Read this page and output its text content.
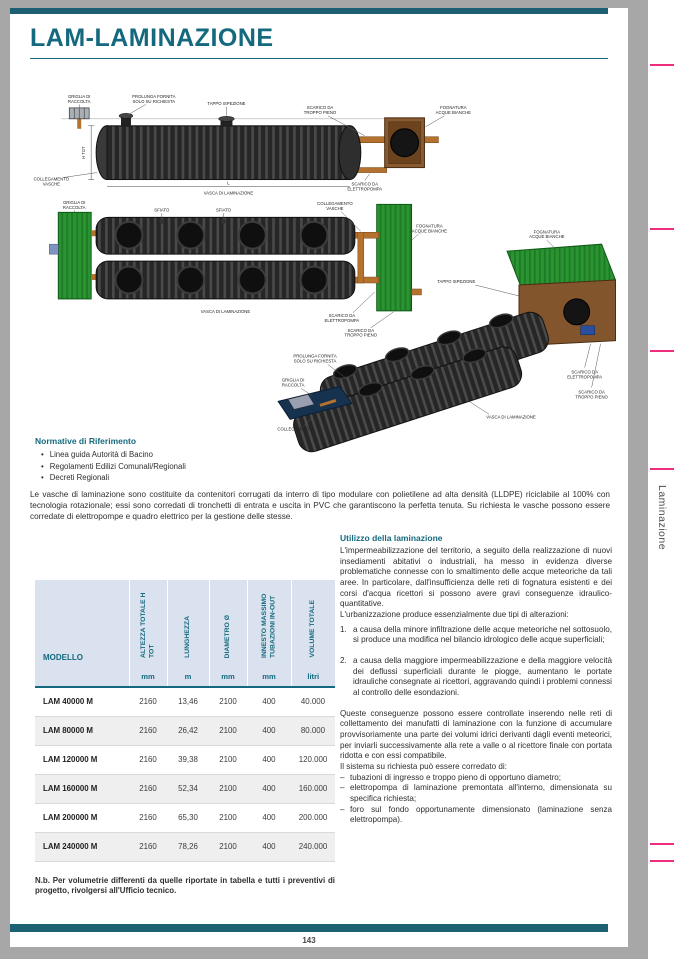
LAM-LAMINAZIONE
H TOT
L
GRIGLIA DI
RACCOLTA
PROLUNGA FORNITA
SOLO SU RICHIESTA	TAPPO ISPEZIONE
SCARICO DA
TROPPO PIENO
FOGNATURA
ACQUE BIANCHE
COLLEGAMENTO
VASCHE
VASCA DI LAMINAZIONE
SCARICO DA
ELETTROPOMPA
GRIGLIA DI
RACCOLTA	SFIATO	SFIATO
COLLEGAMENTO
VASCHE
FOGNATURA
ACQUE BIANCHE
VASCA DI LAMINAZIONE
SCARICO DA
ELETTROPOMPA
SCARICO DA
TROPPO PIENO
FOGNATURA
ACQUE BIANCHE
TAPPO ISPEZIONE
SCARICO DA
ELETTROPOMPA
SCARICO DA
TROPPO PIENO
VASCA DI LAMINAZIONE
PROLUNGA FORNITA
SOLO SU RICHIESTA
GRIGLIA DI
RACCOLTA
COLLEGAMENTO
Normative di Riferimento
• Linea guida Autorità di Bacino
• Regolamenti Edilizi Comunali/Regionali
• Decreti Regionali

Le vasche di laminazione sono costituite da contenitori corrugati da interro di tipo modulare con polietilene ad alta densità (LLDPE) riciclabile al 100% con tecnologia rotazionale; essi sono corredati di tronchetti di entrata e uscita in PVC che garantiscono la perfetta tenuta. Su richiesta le vasche possono essere corredate di elettropompe e quadro elettrico per la gestione delle stesse.

MODELLO	ALTEZZA TOTALE H TOT	LUNGHEZZA	DIAMETRO Ø	INNESTO MASSIMO TUBAZIONI IN-OUT	VOLUME TOTALE
	mm	m	mm	mm	litri
LAM 40000 M	2160	13,46	2100	400	40.000
LAM 80000 M	2160	26,42	2100	400	80.000
LAM 120000 M	2160	39,38	2100	400	120.000
LAM 160000 M	2160	52,34	2100	400	160.000
LAM 200000 M	2160	65,30	2100	400	200.000
LAM 240000 M	2160	78,26	2100	400	240.000

N.b. Per volumetrie differenti da quelle riportate in tabella e tutti i preventivi di progetto, rivolgersi all'Ufficio tecnico.

Utilizzo della laminazione

L'impermeabilizzazione del territorio, a seguito della realizzazione di nuovi insediamenti abitativi o industriali, ha messo in evidenza diverse problematiche connesse con lo smaltimento delle acque meteoriche da tali aree. In particolare, dall'insufficienza delle reti di fognatura esistenti e dei corsi d'acqua ricettori si possono avere gravi conseguenze idraulico-quantitative.

L'urbanizzazione produce essenzialmente due tipi di alterazioni:

1. a causa della minore infiltrazione delle acque meteoriche nel sottosuolo, si produce una modifica nel bilancio idrologico delle acque superficiali;
2. a causa della maggiore impermeabilizzazione e della maggiore velocità dei deflussi superficiali durante le piogge, aumentano le portate idrauliche consegnate ai ricettori, aggravando quindi i problemi connessi al controllo delle esondazioni.

Queste conseguenze possono essere controllate inserendo nelle reti di collettamento dei manufatti di laminazione con la funzione di accumulare provvisoriamente una parte dei volumi idrici derivanti dagli eventi meteorici, per inviarli successivamente alla rete a valle o al ricettore finale con portata ridotta e con essi compatibile.

Il sistema su richiesta può essere corredato di:

– tubazioni di ingresso e troppo pieno di opportuno diametro;
– elettropompa di laminazione premontata all'interno, dimensionata su specifica richiesta;
– foro sul fondo opportunamente dimensionato (laminazione senza elettropompa).
143
Laminazione
